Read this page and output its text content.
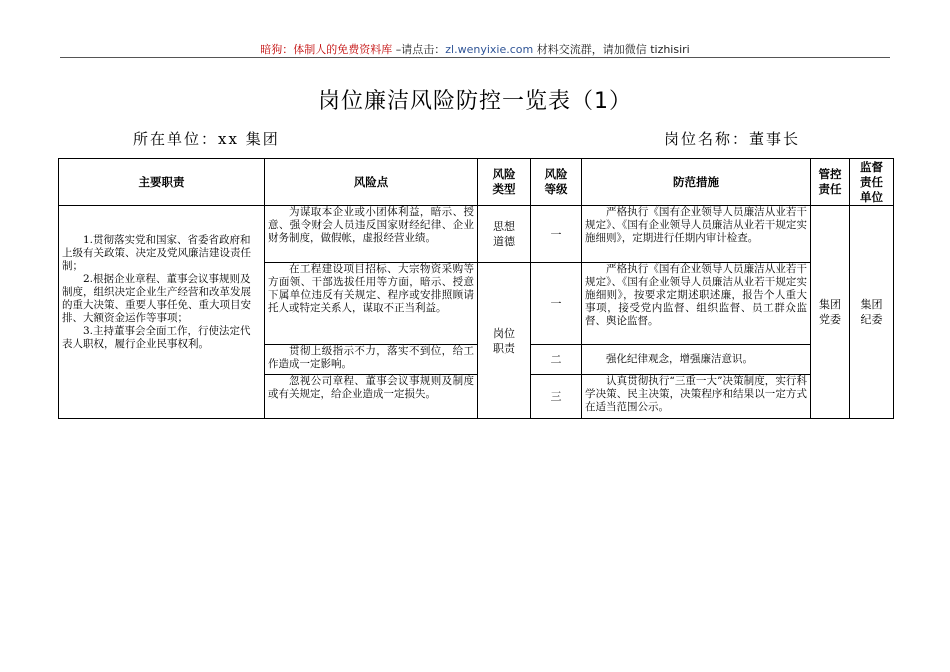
暗狗：体制人的免费资料库 –请点击：zl.wenyixie.com 材料交流群，请加微信 tizhisiri
岗位廉洁风险防控一览表（1）
所在单位：xx 集团	岗位名称：董事长
主要职责	风险点	风险类型	风险等级	防范措施	管控责任	监督责任单位

1.贯彻落实党和国家、省委省政府和上级有关政策、决定及党风廉洁建设责任制；
2.根据企业章程、董事会议事规则及制度，组织决定企业生产经营和改革发展的重大决策、重要人事任免、重大项目安排、大额资金运作等事项；
3.主持董事会全面工作，行使法定代表人职权，履行企业民事权利。	为谋取本企业或小团体利益，暗示、授意、强令财会人员违反国家财经纪律、企业财务制度，做假帐，虚报经营业绩。	思想道德	一	严格执行《国有企业领导人员廉洁从业若干规定》、《国有企业领导人员廉洁从业若干规定实施细则》，定期进行任期内审计检查。	集团党委	集团纪委
	在工程建设项目招标、大宗物资采购等方面领、干部选拔任用等方面，暗示、授意下属单位违反有关规定、程序或安排照顾请托人或特定关系人，谋取不正当利益。	岗位职责	一	严格执行《国有企业领导人员廉洁从业若干规定》、《国有企业领导人员廉洁从业若干规定实施细则》，按要求定期述职述廉，报告个人重大事项，接受党内监督、组织监督、员工群众监督、舆论监督。		
	贯彻上级指示不力，落实不到位，给工作造成一定影响。		二	强化纪律观念，增强廉洁意识。		
	忽视公司章程、董事会议事规则及制度或有关规定，给企业造成一定损失。		三	认真贯彻执行“三重一大”决策制度，实行科学决策、民主决策，决策程序和结果以一定方式在适当范围公示。		
